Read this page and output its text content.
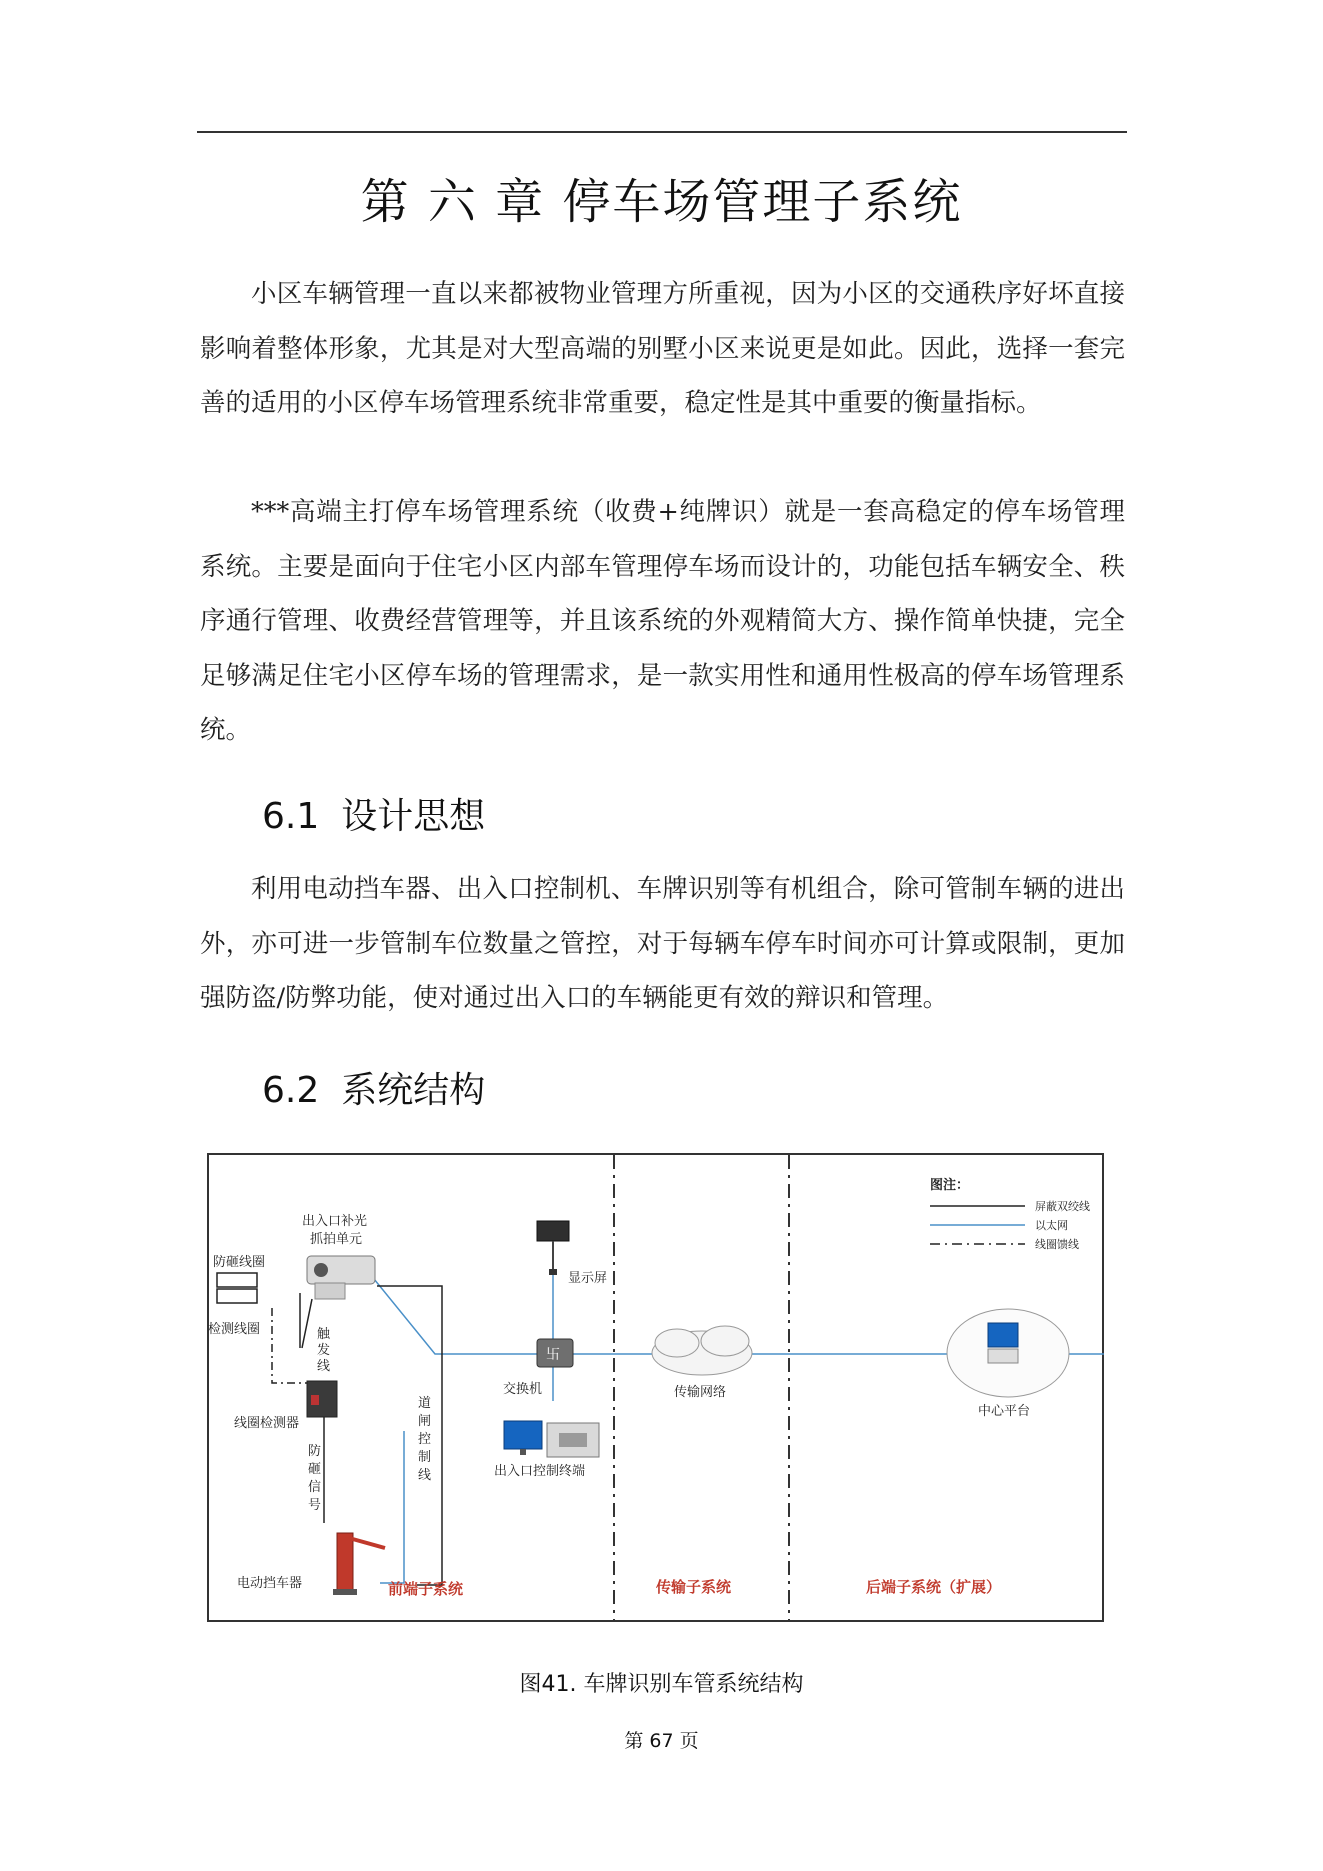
第 六 章 停车场管理子系统

小区车辆管理一直以来都被物业管理方所重视，因为小区的交通秩序好坏直接影响着整体形象，尤其是对大型高端的别墅小区来说更是如此。因此，选择一套完善的适用的小区停车场管理系统非常重要，稳定性是其中重要的衡量指标。

***高端主打停车场管理系统（收费+纯牌识）就是一套高稳定的停车场管理系统。主要是面向于住宅小区内部车管理停车场而设计的，功能包括车辆安全、秩序通行管理、收费经营管理等，并且该系统的外观精简大方、操作简单快捷，完全足够满足住宅小区停车场的管理需求，是一款实用性和通用性极高的停车场管理系统。

6.1 设计思想

利用电动挡车器、出入口控制机、车牌识别等有机组合，除可管制车辆的进出外，亦可进一步管制车位数量之管控，对于每辆车停车时间亦可计算或限制，更加强防盗/防弊功能，使对通过出入口的车辆能更有效的辩识和管理。

6.2 系统结构
图注：
屏蔽双绞线
以太网
线圈馈线
出入口补光
抓拍单元
防砸线圈
检测线圈	触
发
线
线圈检测器
防
砸
信
号
道
闸
控
制
线
电动挡车器
显示屏
卐
交换机
出入口控制终端
传输网络
中心平台
前端子系统	传输子系统	后端子系统（扩展）
图41. 车牌识别车管系统结构
第 67 页
